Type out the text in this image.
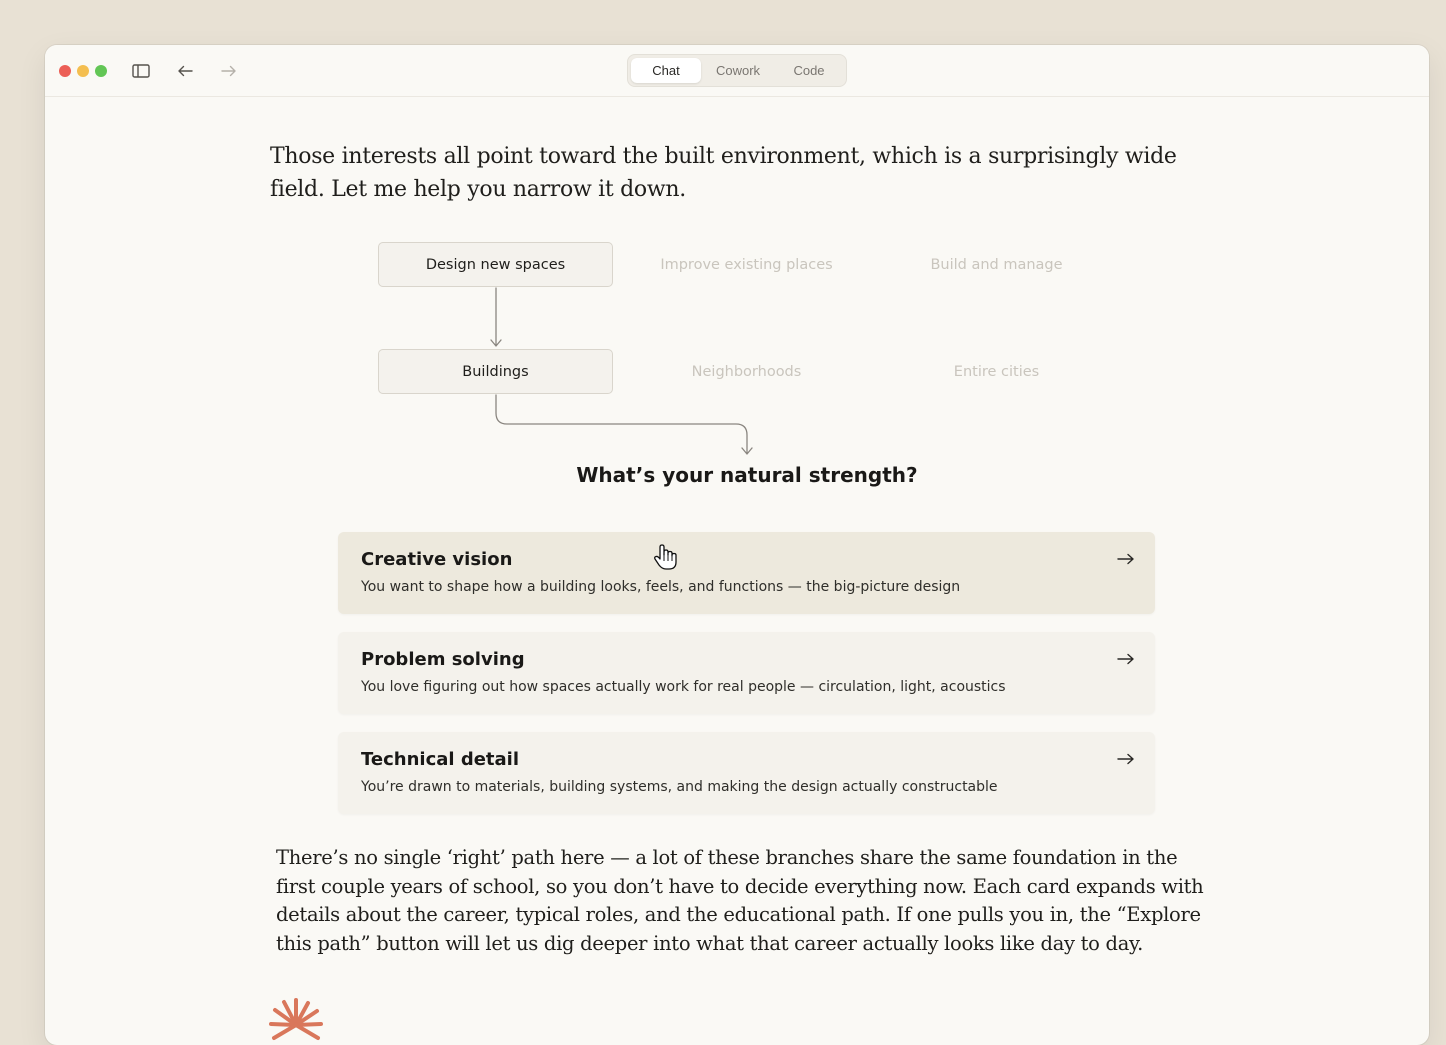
Chat	Cowork	Code

Those interests all point toward the built environment, which is a surprisingly wide field. Let me help you narrow it down.

Design new spaces	Improve existing places	Build and manage
Buildings	Neighborhoods	Entire cities
What’s your natural strength?
Creative vision
You want to shape how a building looks, feels, and functions — the big-picture design
Problem solving
You love figuring out how spaces actually work for real people — circulation, light, acoustics
Technical detail
You’re drawn to materials, building systems, and making the design actually constructable

There’s no single ‘right’ path here — a lot of these branches share the same foundation in the first couple years of school, so you don’t have to decide everything now. Each card expands with details about the career, typical roles, and the educational path. If one pulls you in, the “Explore this path” button will let us dig deeper into what that career actually looks like day to day.
